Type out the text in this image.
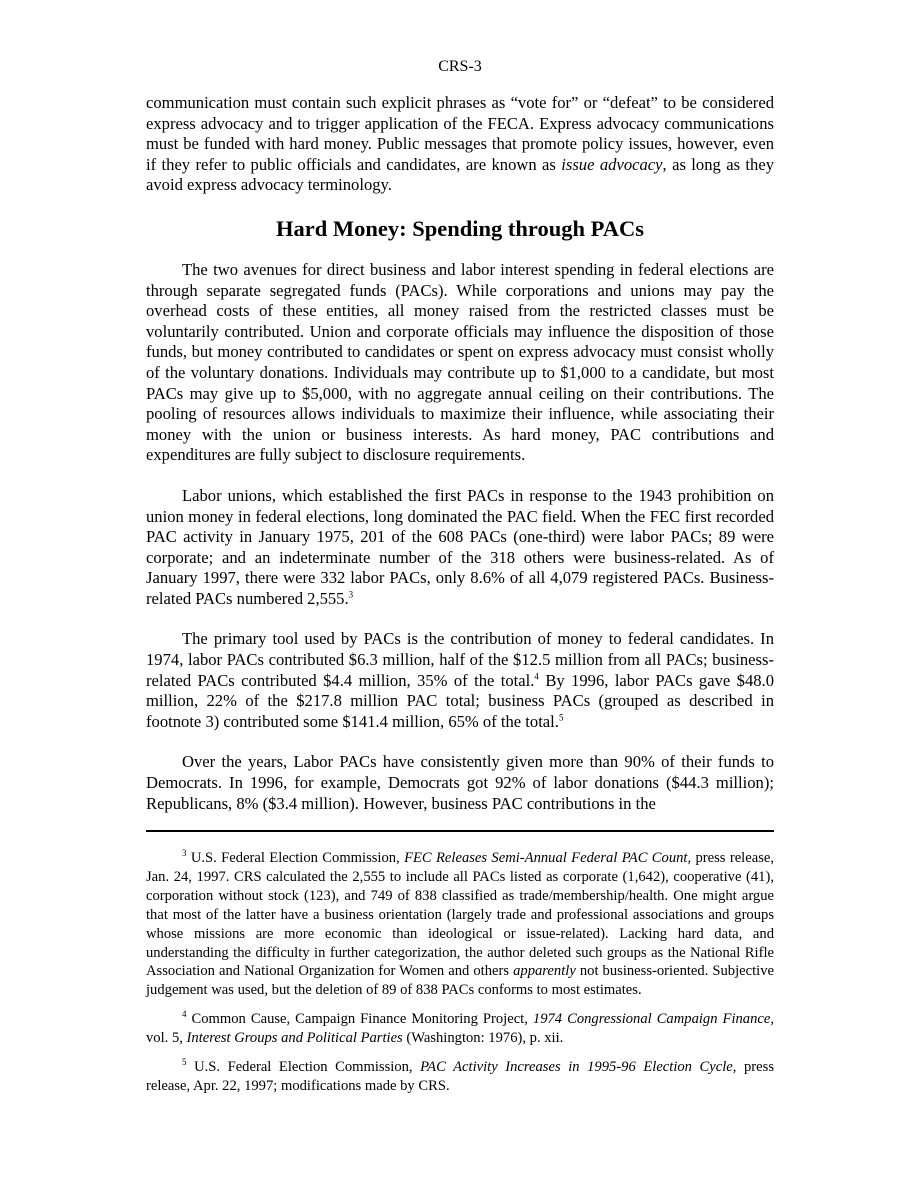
CRS-3

communication must contain such explicit phrases as “vote for” or “defeat” to be considered express advocacy and to trigger application of the FECA. Express advocacy communications must be funded with hard money. Public messages that promote policy issues, however, even if they refer to public officials and candidates, are known as issue advocacy, as long as they avoid express advocacy terminology.

Hard Money: Spending through PACs

The two avenues for direct business and labor interest spending in federal elections are through separate segregated funds (PACs). While corporations and unions may pay the overhead costs of these entities, all money raised from the restricted classes must be voluntarily contributed. Union and corporate officials may influence the disposition of those funds, but money contributed to candidates or spent on express advocacy must consist wholly of the voluntary donations. Individuals may contribute up to $1,000 to a candidate, but most PACs may give up to $5,000, with no aggregate annual ceiling on their contributions. The pooling of resources allows individuals to maximize their influence, while associating their money with the union or business interests. As hard money, PAC contributions and expenditures are fully subject to disclosure requirements.

Labor unions, which established the first PACs in response to the 1943 prohibition on union money in federal elections, long dominated the PAC field. When the FEC first recorded PAC activity in January 1975, 201 of the 608 PACs (one-third) were labor PACs; 89 were corporate; and an indeterminate number of the 318 others were business-related. As of January 1997, there were 332 labor PACs, only 8.6% of all 4,079 registered PACs. Business-related PACs numbered 2,555.$^3$

The primary tool used by PACs is the contribution of money to federal candidates. In 1974, labor PACs contributed $6.3 million, half of the $12.5 million from all PACs; business-related PACs contributed $4.4 million, 35% of the total.$^4$ By 1996, labor PACs gave $48.0 million, 22% of the $217.8 million PAC total; business PACs (grouped as described in footnote 3) contributed some $141.4 million, 65% of the total.$^5$

Over the years, Labor PACs have consistently given more than 90% of their funds to Democrats. In 1996, for example, Democrats got 92% of labor donations ($44.3 million); Republicans, 8% ($3.4 million). However, business PAC contributions in the

$^3$ U.S. Federal Election Commission, FEC Releases Semi-Annual Federal PAC Count, press release, Jan. 24, 1997. CRS calculated the 2,555 to include all PACs listed as corporate (1,642), cooperative (41), corporation without stock (123), and 749 of 838 classified as trade/membership/health. One might argue that most of the latter have a business orientation (largely trade and professional associations and groups whose missions are more economic than ideological or issue-related). Lacking hard data, and understanding the difficulty in further categorization, the author deleted such groups as the National Rifle Association and National Organization for Women and others apparently not business-oriented. Subjective judgement was used, but the deletion of 89 of 838 PACs conforms to most estimates.

$^4$ Common Cause, Campaign Finance Monitoring Project, 1974 Congressional Campaign Finance, vol. 5, Interest Groups and Political Parties (Washington: 1976), p. xii.

$^5$ U.S. Federal Election Commission, PAC Activity Increases in 1995-96 Election Cycle, press release, Apr. 22, 1997; modifications made by CRS.
